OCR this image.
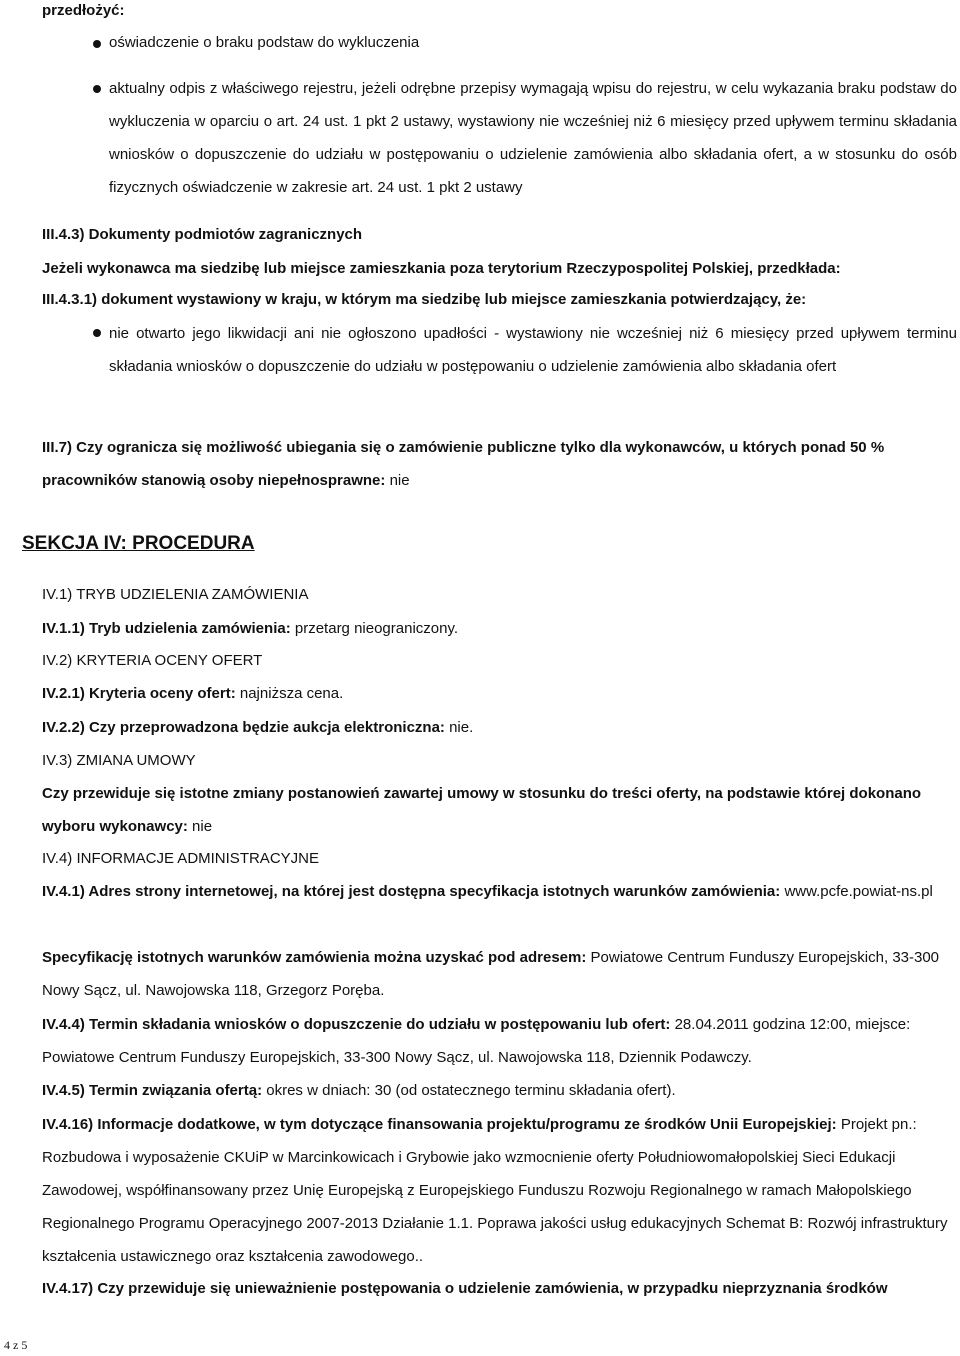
przedłożyć:

oświadczenie o braku podstaw do wykluczenia
aktualny odpis z właściwego rejestru, jeżeli odrębne przepisy wymagają wpisu do rejestru, w celu wykazania braku podstaw do wykluczenia w oparciu o art. 24 ust. 1 pkt 2 ustawy, wystawiony nie wcześniej niż 6 miesięcy przed upływem terminu składania wniosków o dopuszczenie do udziału w postępowaniu o udzielenie zamówienia albo składania ofert, a w stosunku do osób fizycznych oświadczenie w zakresie art. 24 ust. 1 pkt 2 ustawy

III.4.3) Dokumenty podmiotów zagranicznych

Jeżeli wykonawca ma siedzibę lub miejsce zamieszkania poza terytorium Rzeczypospolitej Polskiej, przedkłada:

III.4.3.1) dokument wystawiony w kraju, w którym ma siedzibę lub miejsce zamieszkania potwierdzający, że:

nie otwarto jego likwidacji ani nie ogłoszono upadłości - wystawiony nie wcześniej niż 6 miesięcy przed upływem terminu składania wniosków o dopuszczenie do udziału w postępowaniu o udzielenie zamówienia albo składania ofert

III.7) Czy ogranicza się możliwość ubiegania się o zamówienie publiczne tylko dla wykonawców, u których ponad 50 % pracowników stanowią osoby niepełnosprawne: nie

SEKCJA IV: PROCEDURA

IV.1) TRYB UDZIELENIA ZAMÓWIENIA

IV.1.1) Tryb udzielenia zamówienia: przetarg nieograniczony.

IV.2) KRYTERIA OCENY OFERT

IV.2.1) Kryteria oceny ofert: najniższa cena.

IV.2.2) Czy przeprowadzona będzie aukcja elektroniczna: nie.

IV.3) ZMIANA UMOWY

Czy przewiduje się istotne zmiany postanowień zawartej umowy w stosunku do treści oferty, na podstawie której dokonano wyboru wykonawcy: nie

IV.4) INFORMACJE ADMINISTRACYJNE

IV.4.1) Adres strony internetowej, na której jest dostępna specyfikacja istotnych warunków zamówienia: www.pcfe.powiat-ns.pl

Specyfikację istotnych warunków zamówienia można uzyskać pod adresem: Powiatowe Centrum Funduszy Europejskich, 33-300 Nowy Sącz, ul. Nawojowska 118, Grzegorz Poręba.

IV.4.4) Termin składania wniosków o dopuszczenie do udziału w postępowaniu lub ofert: 28.04.2011 godzina 12:00, miejsce: Powiatowe Centrum Funduszy Europejskich, 33-300 Nowy Sącz, ul. Nawojowska 118, Dziennik Podawczy.

IV.4.5) Termin związania ofertą: okres w dniach: 30 (od ostatecznego terminu składania ofert).

IV.4.16) Informacje dodatkowe, w tym dotyczące finansowania projektu/programu ze środków Unii Europejskiej: Projekt pn.: Rozbudowa i wyposażenie CKUiP w Marcinkowicach i Grybowie jako wzmocnienie oferty Południowomałopolskiej Sieci Edukacji Zawodowej, współfinansowany przez Unię Europejską z Europejskiego Funduszu Rozwoju Regionalnego w ramach Małopolskiego Regionalnego Programu Operacyjnego 2007-2013 Działanie 1.1. Poprawa jakości usług edukacyjnych Schemat B: Rozwój infrastruktury kształcenia ustawicznego oraz kształcenia zawodowego..

IV.4.17) Czy przewiduje się unieważnienie postępowania o udzielenie zamówienia, w przypadku nieprzyznania środków

4 z 5
